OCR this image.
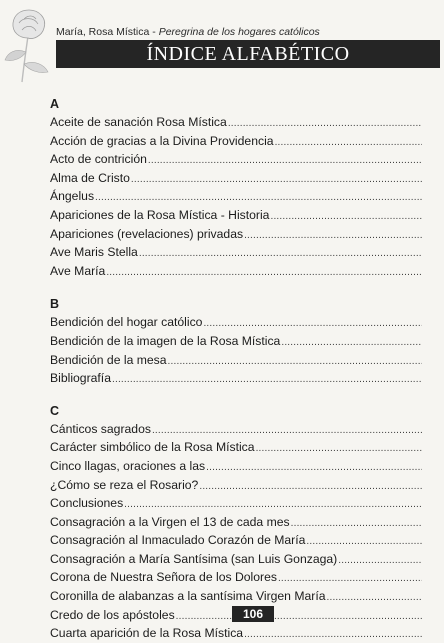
María, Rosa Mística - Peregrina de los hogares católicos
ÍNDICE ALFABÉTICO
A
Aceite de sanación Rosa Mística
.....
Acción de gracias a la Divina Providencia
.....
Acto de contrición
.....
Alma de Cristo
.....
Ángelus
.....
Apariciones de la Rosa Mística - Historia
.....
Apariciones (revelaciones) privadas
.....
Ave Maris Stella
.....
Ave María
.....
B
Bendición del hogar católico
.....
Bendición de la imagen de la Rosa Mística
.....
Bendición de la mesa
.....
Bibliografía
.....
C
Cánticos sagrados
.....
Carácter simbólico de la Rosa Mística
.....
Cinco llagas, oraciones a las
.....
¿Cómo se reza el Rosario?
.....
Conclusiones
.....
Consagración a la Virgen el 13 de cada mes
.....
Consagración al Inmaculado Corazón de María
.....
Consagración a María Santísima (san Luis Gonzaga)
.....
Corona de Nuestra Señora de los Dolores
.....
Coronilla de alabanzas a la santísima Virgen María
.....
Credo de los apóstoles
.....
Cuarta aparición de la Rosa Mística
.....
106
